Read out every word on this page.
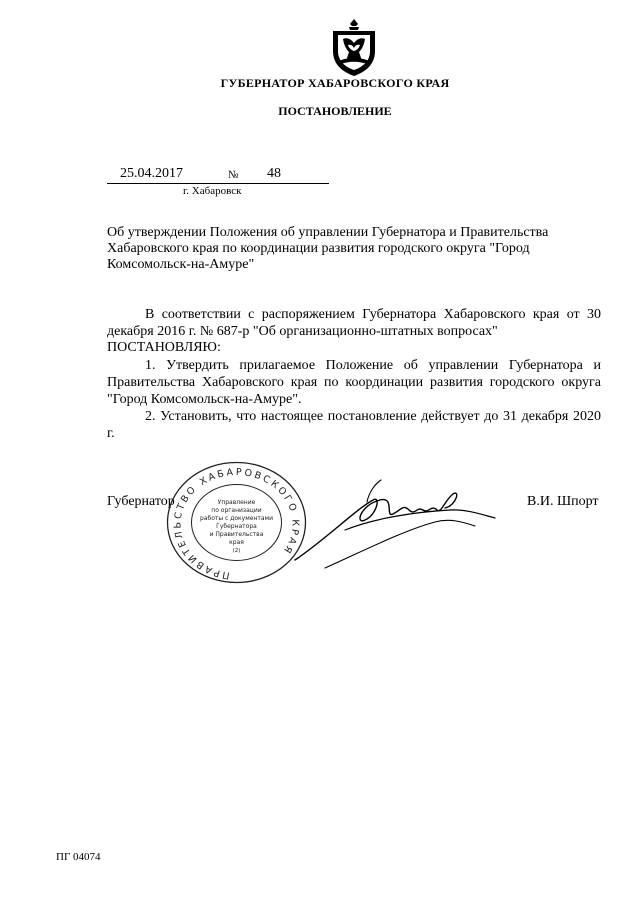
ГУБЕРНАТОР ХАБАРОВСКОГО КРАЯ
ПОСТАНОВЛЕНИЕ
25.04.2017	№ 48
г. Хабаровск
Об утверждении Положения об управлении Губернатора и Правительства Хабаровского края по координации развития городского округа "Город Комсомольск-на-Амуре"
В соответствии с распоряжением Губернатора Хабаровского края от 30 декабря 2016 г. № 687-р "Об организационно-штатных вопросах"
ПОСТАНОВЛЯЮ:
1. Утвердить прилагаемое Положение об управлении Губернатора и Правительства Хабаровского края по координации развития городского округа "Город Комсомольск-на-Амуре".
2. Установить, что настоящее постановление действует до 31 декабря 2020 г.
Губернатор	В.И. Шпорт
ПРАВИТЕЛЬСТВО ХАБАРОВСКОГО КРАЯ
Управление
по организации
работы с документами
Губернатора
и Правительства
края
(2)
ПГ 04074
